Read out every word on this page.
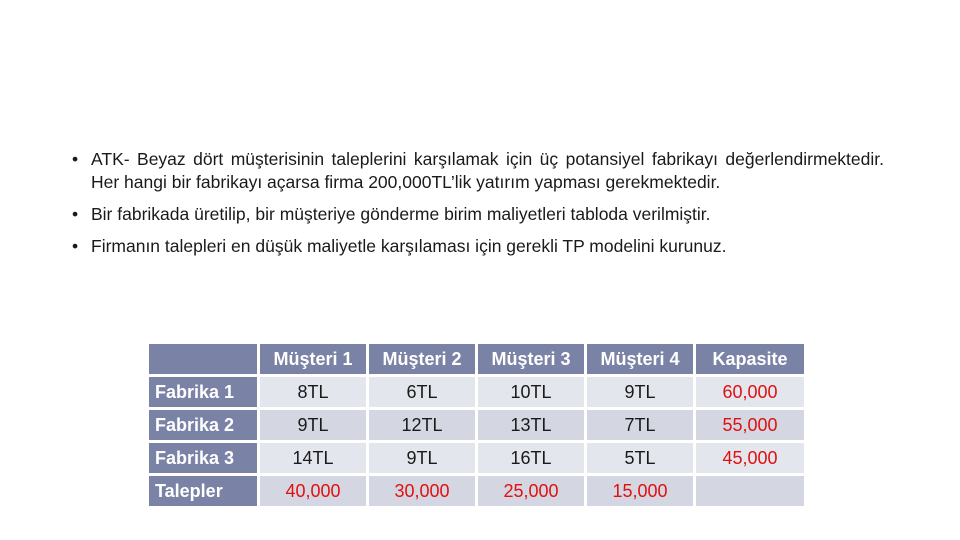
• ATK- Beyaz dört müşterisinin taleplerini karşılamak için üç potansiyel fabrikayı değerlendirmektedir. Her hangi bir fabrikayı açarsa firma 200,000TL’lik yatırım yapması gerekmektedir.
• Bir fabrikada üretilip, bir müşteriye gönderme birim maliyetleri tabloda verilmiştir.
• Firmanın talepleri en düşük maliyetle karşılaması için gerekli TP modelini kurunuz.
	Müşteri 1	Müşteri 2	Müşteri 3	Müşteri 4	Kapasite
Fabrika 1	8TL	6TL	10TL	9TL	60,000
Fabrika 2	9TL	12TL	13TL	7TL	55,000
Fabrika 3	14TL	9TL	16TL	5TL	45,000
Talepler	40,000	30,000	25,000	15,000	
